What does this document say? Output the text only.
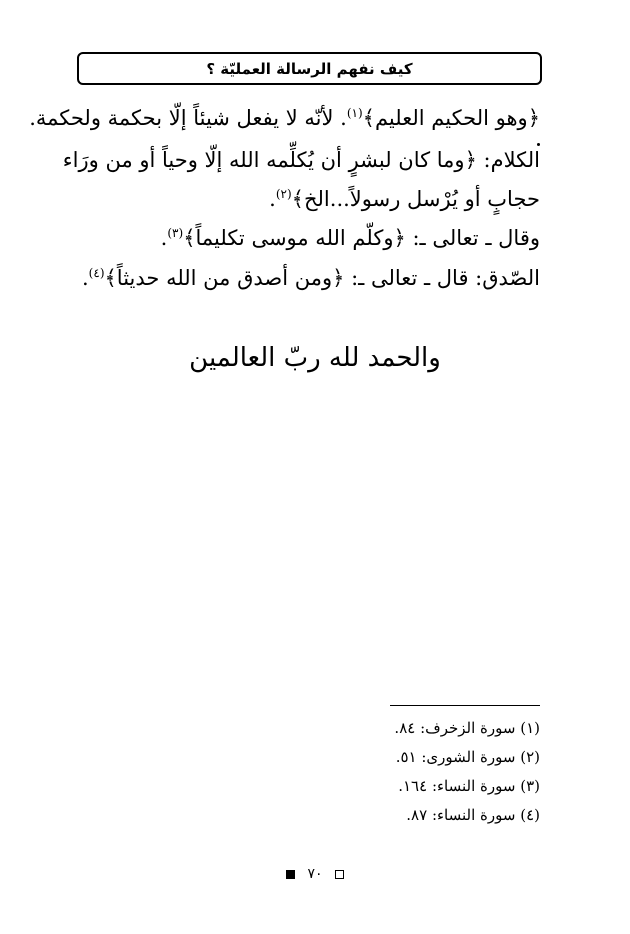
كيف نفهم الرسالة العمليّة ؟
﴿وهو الحكيم العليم﴾$^{(١)}$. لأنّه لا يفعل شيئاً إلّا بحكمة ولحكمة.
الكلام: ﴿وما كان لبشرٍ أن يُكلِّمه الله إلّا وحياً أو من ورَاء
حجابٍ أو يُرْسل رسولاً...الخ﴾$^{(٢)}$.
وقال ـ تعالى ـ: ﴿وكلّم الله موسى تكليماً﴾$^{(٣)}$.
الصّدق: قال ـ تعالى ـ: ﴿ومن أصدق من الله حديثاً﴾$^{(٤)}$.
والحمد لله ربّ العالمين
(١) سورة الزخرف: ٨٤.
(٢) سورة الشورى: ٥١.
(٣) سورة النساء: ١٦٤.
(٤) سورة النساء: ٨٧.
٧٠
